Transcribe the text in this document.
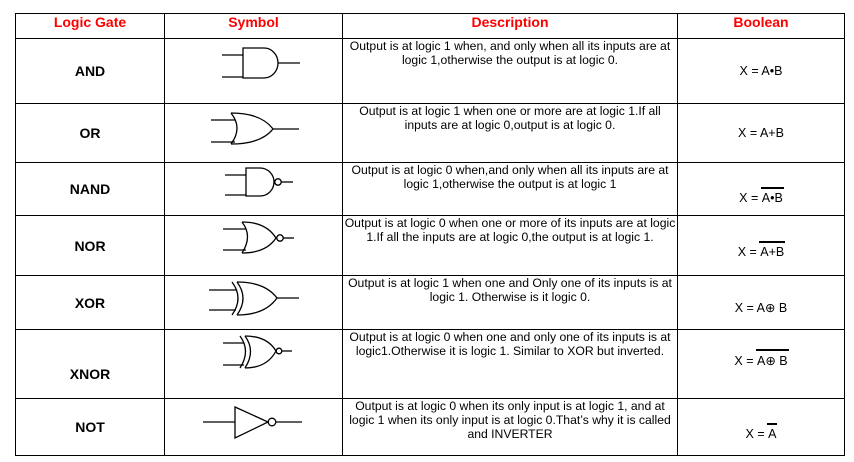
Logic Gate	Symbol	Description	Boolean
AND		Output is at logic 1 when, and only when all its inputs are at logic 1,otherwise the output is at logic 0.	X = A•B
OR		Output is at logic 1 when one or more are at logic 1.If all inputs are at logic 0,output is at logic 0.	X = A+B
NAND		Output is at logic 0 when,and only when all its inputs are at logic 1,otherwise the output is at logic 1	X = A•B
NOR		Output is at logic 0 when one or more of its inputs are at logic 1.If all the inputs are at logic 0,the output is at logic 1.	X = A+B
XOR		Output is at logic 1 when one and Only one of its inputs is at logic 1. Otherwise is it logic 0.	X = A⊕ B
XNOR		Output is at logic 0 when one and only one of its inputs is at logic1.Otherwise it is logic 1. Similar to XOR but inverted.	X = A⊕ B
NOT		Output is at logic 0 when its only input is at logic 1, and at logic 1 when its only input is at logic 0.That’s why it is called and INVERTER	X = A
